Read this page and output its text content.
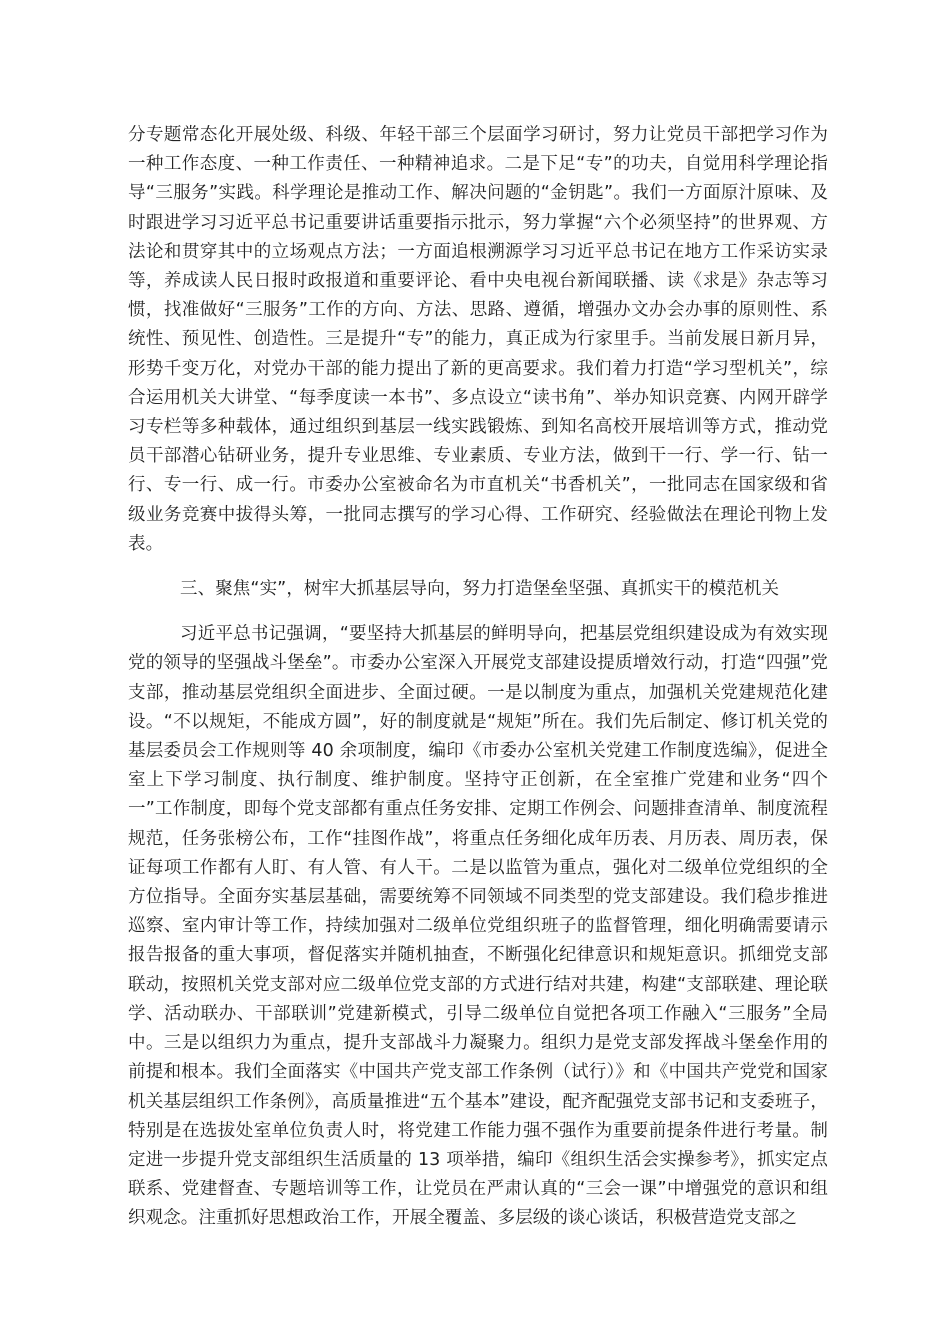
分专题常态化开展处级、科级、年轻干部三个层面学习研讨，努力让党员干部把学习作为一种工作态度、一种工作责任、一种精神追求。二是下足“专”的功夫，自觉用科学理论指导“三服务”实践。科学理论是推动工作、解决问题的“金钥匙”。我们一方面原汁原味、及时跟进学习习近平总书记重要讲话重要指示批示，努力掌握“六个必须坚持”的世界观、方法论和贯穿其中的立场观点方法；一方面追根溯源学习习近平总书记在地方工作采访实录等，养成读人民日报时政报道和重要评论、看中央电视台新闻联播、读《求是》杂志等习惯，找准做好“三服务”工作的方向、方法、思路、遵循，增强办文办会办事的原则性、系统性、预见性、创造性。三是提升“专”的能力，真正成为行家里手。当前发展日新月异，形势千变万化，对党办干部的能力提出了新的更高要求。我们着力打造“学习型机关”，综合运用机关大讲堂、“每季度读一本书”、多点设立“读书角”、举办知识竞赛、内网开辟学习专栏等多种载体，通过组织到基层一线实践锻炼、到知名高校开展培训等方式，推动党员干部潜心钻研业务，提升专业思维、专业素质、专业方法，做到干一行、学一行、钻一行、专一行、成一行。市委办公室被命名为市直机关“书香机关”，一批同志在国家级和省级业务竞赛中拔得头筹，一批同志撰写的学习心得、工作研究、经验做法在理论刊物上发表。

三、聚焦“实”，树牢大抓基层导向，努力打造堡垒坚强、真抓实干的模范机关

习近平总书记强调，“要坚持大抓基层的鲜明导向，把基层党组织建设成为有效实现党的领导的坚强战斗堡垒”。市委办公室深入开展党支部建设提质增效行动，打造“四强”党支部，推动基层党组织全面进步、全面过硬。一是以制度为重点，加强机关党建规范化建设。“不以规矩，不能成方圆”，好的制度就是“规矩”所在。我们先后制定、修订机关党的基层委员会工作规则等 40 余项制度，编印《市委办公室机关党建工作制度选编》，促进全室上下学习制度、执行制度、维护制度。坚持守正创新，在全室推广党建和业务“四个一”工作制度，即每个党支部都有重点任务安排、定期工作例会、问题排查清单、制度流程规范，任务张榜公布，工作“挂图作战”，将重点任务细化成年历表、月历表、周历表，保证每项工作都有人盯、有人管、有人干。二是以监管为重点，强化对二级单位党组织的全方位指导。全面夯实基层基础，需要统筹不同领域不同类型的党支部建设。我们稳步推进巡察、室内审计等工作，持续加强对二级单位党组织班子的监督管理，细化明确需要请示报告报备的重大事项，督促落实并随机抽查，不断强化纪律意识和规矩意识。抓细党支部联动，按照机关党支部对应二级单位党支部的方式进行结对共建，构建“支部联建、理论联学、活动联办、干部联训”党建新模式，引导二级单位自觉把各项工作融入“三服务”全局中。三是以组织力为重点，提升支部战斗力凝聚力。组织力是党支部发挥战斗堡垒作用的前提和根本。我们全面落实《中国共产党支部工作条例（试行）》和《中国共产党党和国家机关基层组织工作条例》，高质量推进“五个基本”建设，配齐配强党支部书记和支委班子，特别是在选拔处室单位负责人时，将党建工作能力强不强作为重要前提条件进行考量。制定进一步提升党支部组织生活质量的 13 项举措，编印《组织生活会实操参考》，抓实定点联系、党建督查、专题培训等工作，让党员在严肃认真的“三会一课”中增强党的意识和组织观念。注重抓好思想政治工作，开展全覆盖、多层级的谈心谈话，积极营造党支部之
